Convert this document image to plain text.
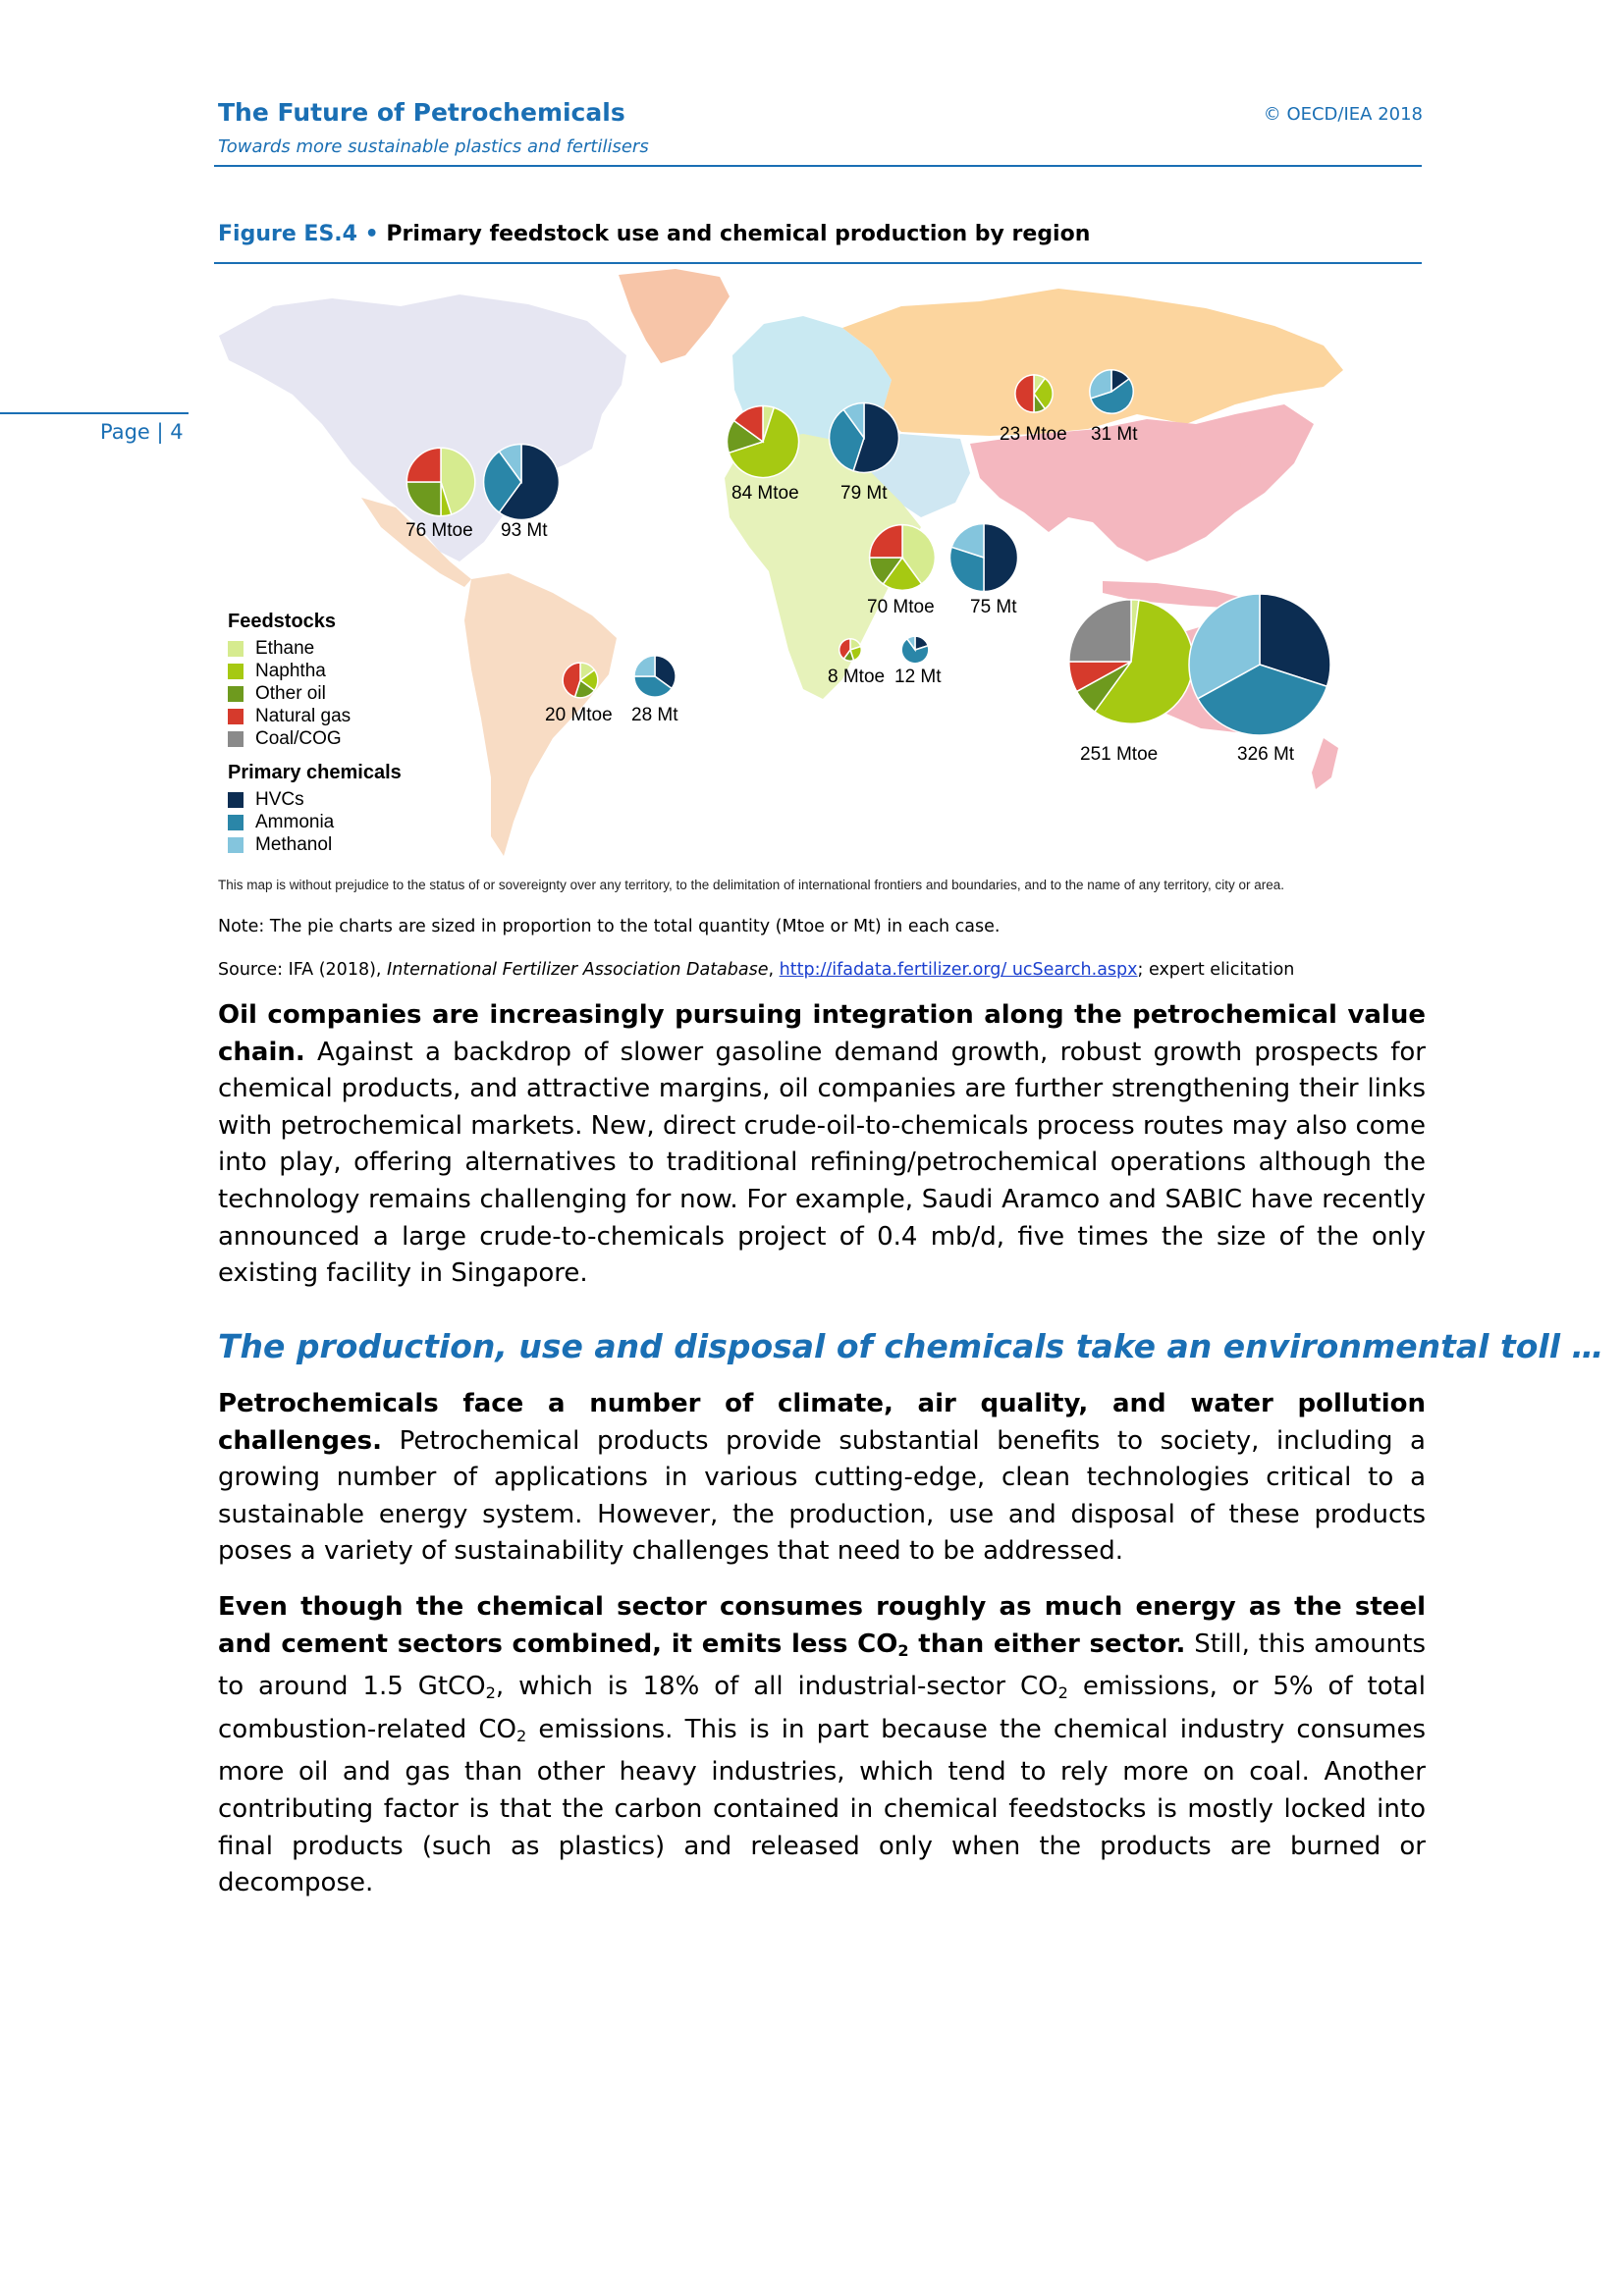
The Future of Petrochemicals	© OECD/IEA 2018
Towards more sustainable plastics and fertilisers
Page | 4
Figure ES.4 • Primary feedstock use and chemical production by region
76 Mtoe 93 Mt
84 Mtoe 79 Mt
23 Mtoe 31 Mt
70 Mtoe 75 Mt
20 Mtoe 28 Mt
8 Mtoe 12 Mt
251 Mtoe	326 Mt
Feedstocks
Ethane
Naphtha
Other oil
Natural gas
Coal/COG
Primary chemicals
HVCs
Ammonia
Methanol
This map is without prejudice to the status of or sovereignty over any territory, to the delimitation of international frontiers and boundaries, and to the name of any territory, city or area.
Note: The pie charts are sized in proportion to the total quantity (Mtoe or Mt) in each case.
Source: IFA (2018), International Fertilizer Association Database, http://ifadata.fertilizer.org/ ucSearch.aspx; expert elicitation
Oil companies are increasingly pursuing integration along the petrochemical value chain. Against a backdrop of slower gasoline demand growth, robust growth prospects for chemical products, and attractive margins, oil companies are further strengthening their links with petrochemical markets. New, direct crude-oil-to-chemicals process routes may also come into play, offering alternatives to traditional refining/petrochemical operations although the technology remains challenging for now. For example, Saudi Aramco and SABIC have recently announced a large crude-to-chemicals project of 0.4 mb/d, five times the size of the only existing facility in Singapore.
The production, use and disposal of chemicals take an environmental toll …
Petrochemicals face a number of climate, air quality, and water pollution challenges. Petrochemical products provide substantial benefits to society, including a growing number of applications in various cutting-edge, clean technologies critical to a sustainable energy system. However, the production, use and disposal of these products poses a variety of sustainability challenges that need to be addressed.
Even though the chemical sector consumes roughly as much energy as the steel and cement sectors combined, it emits less $CO_2$ than either sector. Still, this amounts to around 1.5 GtCO$_2$, which is 18% of all industrial-sector $CO_2$ emissions, or 5% of total combustion-related $CO_2$ emissions. This is in part because the chemical industry consumes more oil and gas than other heavy industries, which tend to rely more on coal. Another contributing factor is that the carbon contained in chemical feedstocks is mostly locked into final products (such as plastics) and released only when the products are burned or decompose.
